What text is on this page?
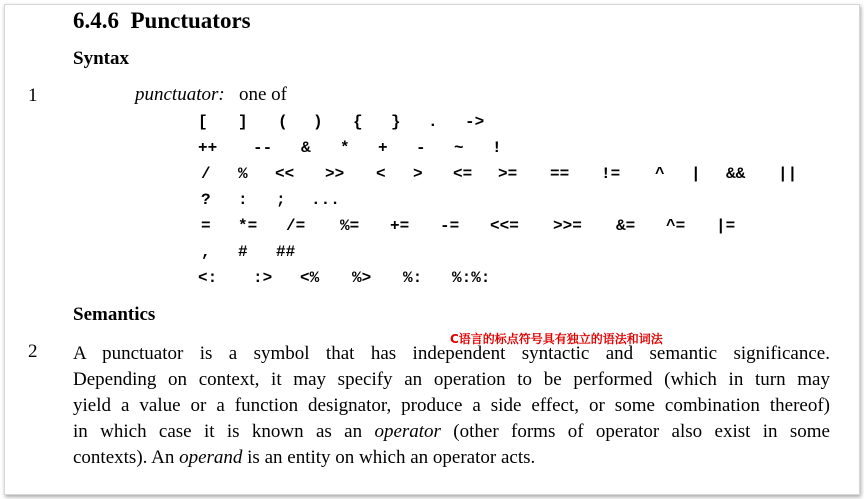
6.4.6 Punctuators
Syntax
1	punctuator: one of
[ ] ( ) { } . ->
++ -- & * + - ~ !
/ % << >> < > <= >= == != ^ | && ||
? : ; ...
= *= /= %= += -= <<= >>= &= ^= |=
, # ##
<: :> <% %> %: %:%:
Semantics
C语言的标点符号具有独立的语法和词法
2 A punctuator is a symbol that has independent syntactic and semantic significance.
Depending on context, it may specify an operation to be performed (which in turn may
yield a value or a function designator, produce a side effect, or some combination thereof)
in which case it is known as an operator (other forms of operator also exist in some
contexts). An operand is an entity on which an operator acts.
